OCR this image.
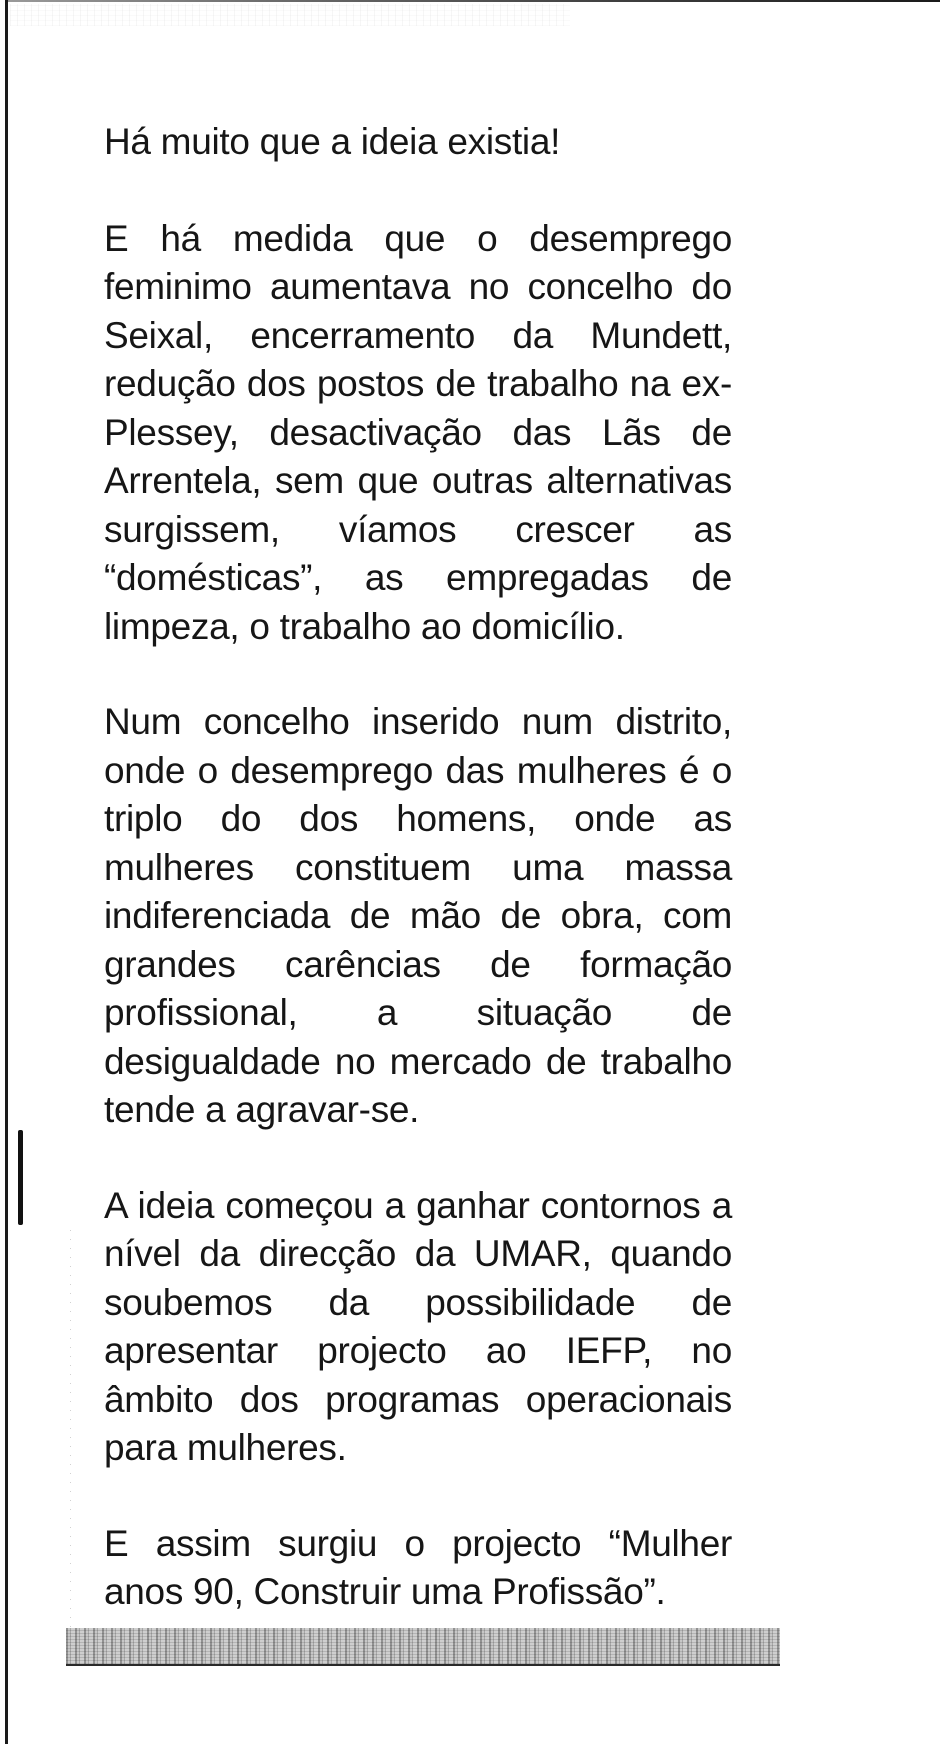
Há muito que a ideia existia!

E há medida que o desemprego feminimo aumentava no concelho do Seixal, encerramento da Mundett, redução dos postos de trabalho na ex-Plessey, desactivação das Lãs de Arrentela, sem que outras alternativas surgissem, víamos crescer as “domésticas”, as empregadas de limpeza, o trabalho ao domicílio.

Num concelho inserido num distrito, onde o desemprego das mulheres é o triplo do dos homens, onde as mulheres constituem uma massa indiferenciada de mão de obra, com grandes carências de formação profissional, a situação de desigualdade no mercado de trabalho tende a agravar-se.

A ideia começou a ganhar contornos a nível da direcção da UMAR, quando soubemos da possibilidade de apresentar projecto ao IEFP, no âmbito dos programas operacionais para mulheres.

E assim surgiu o projecto “Mulher anos 90, Construir uma Profissão”.
